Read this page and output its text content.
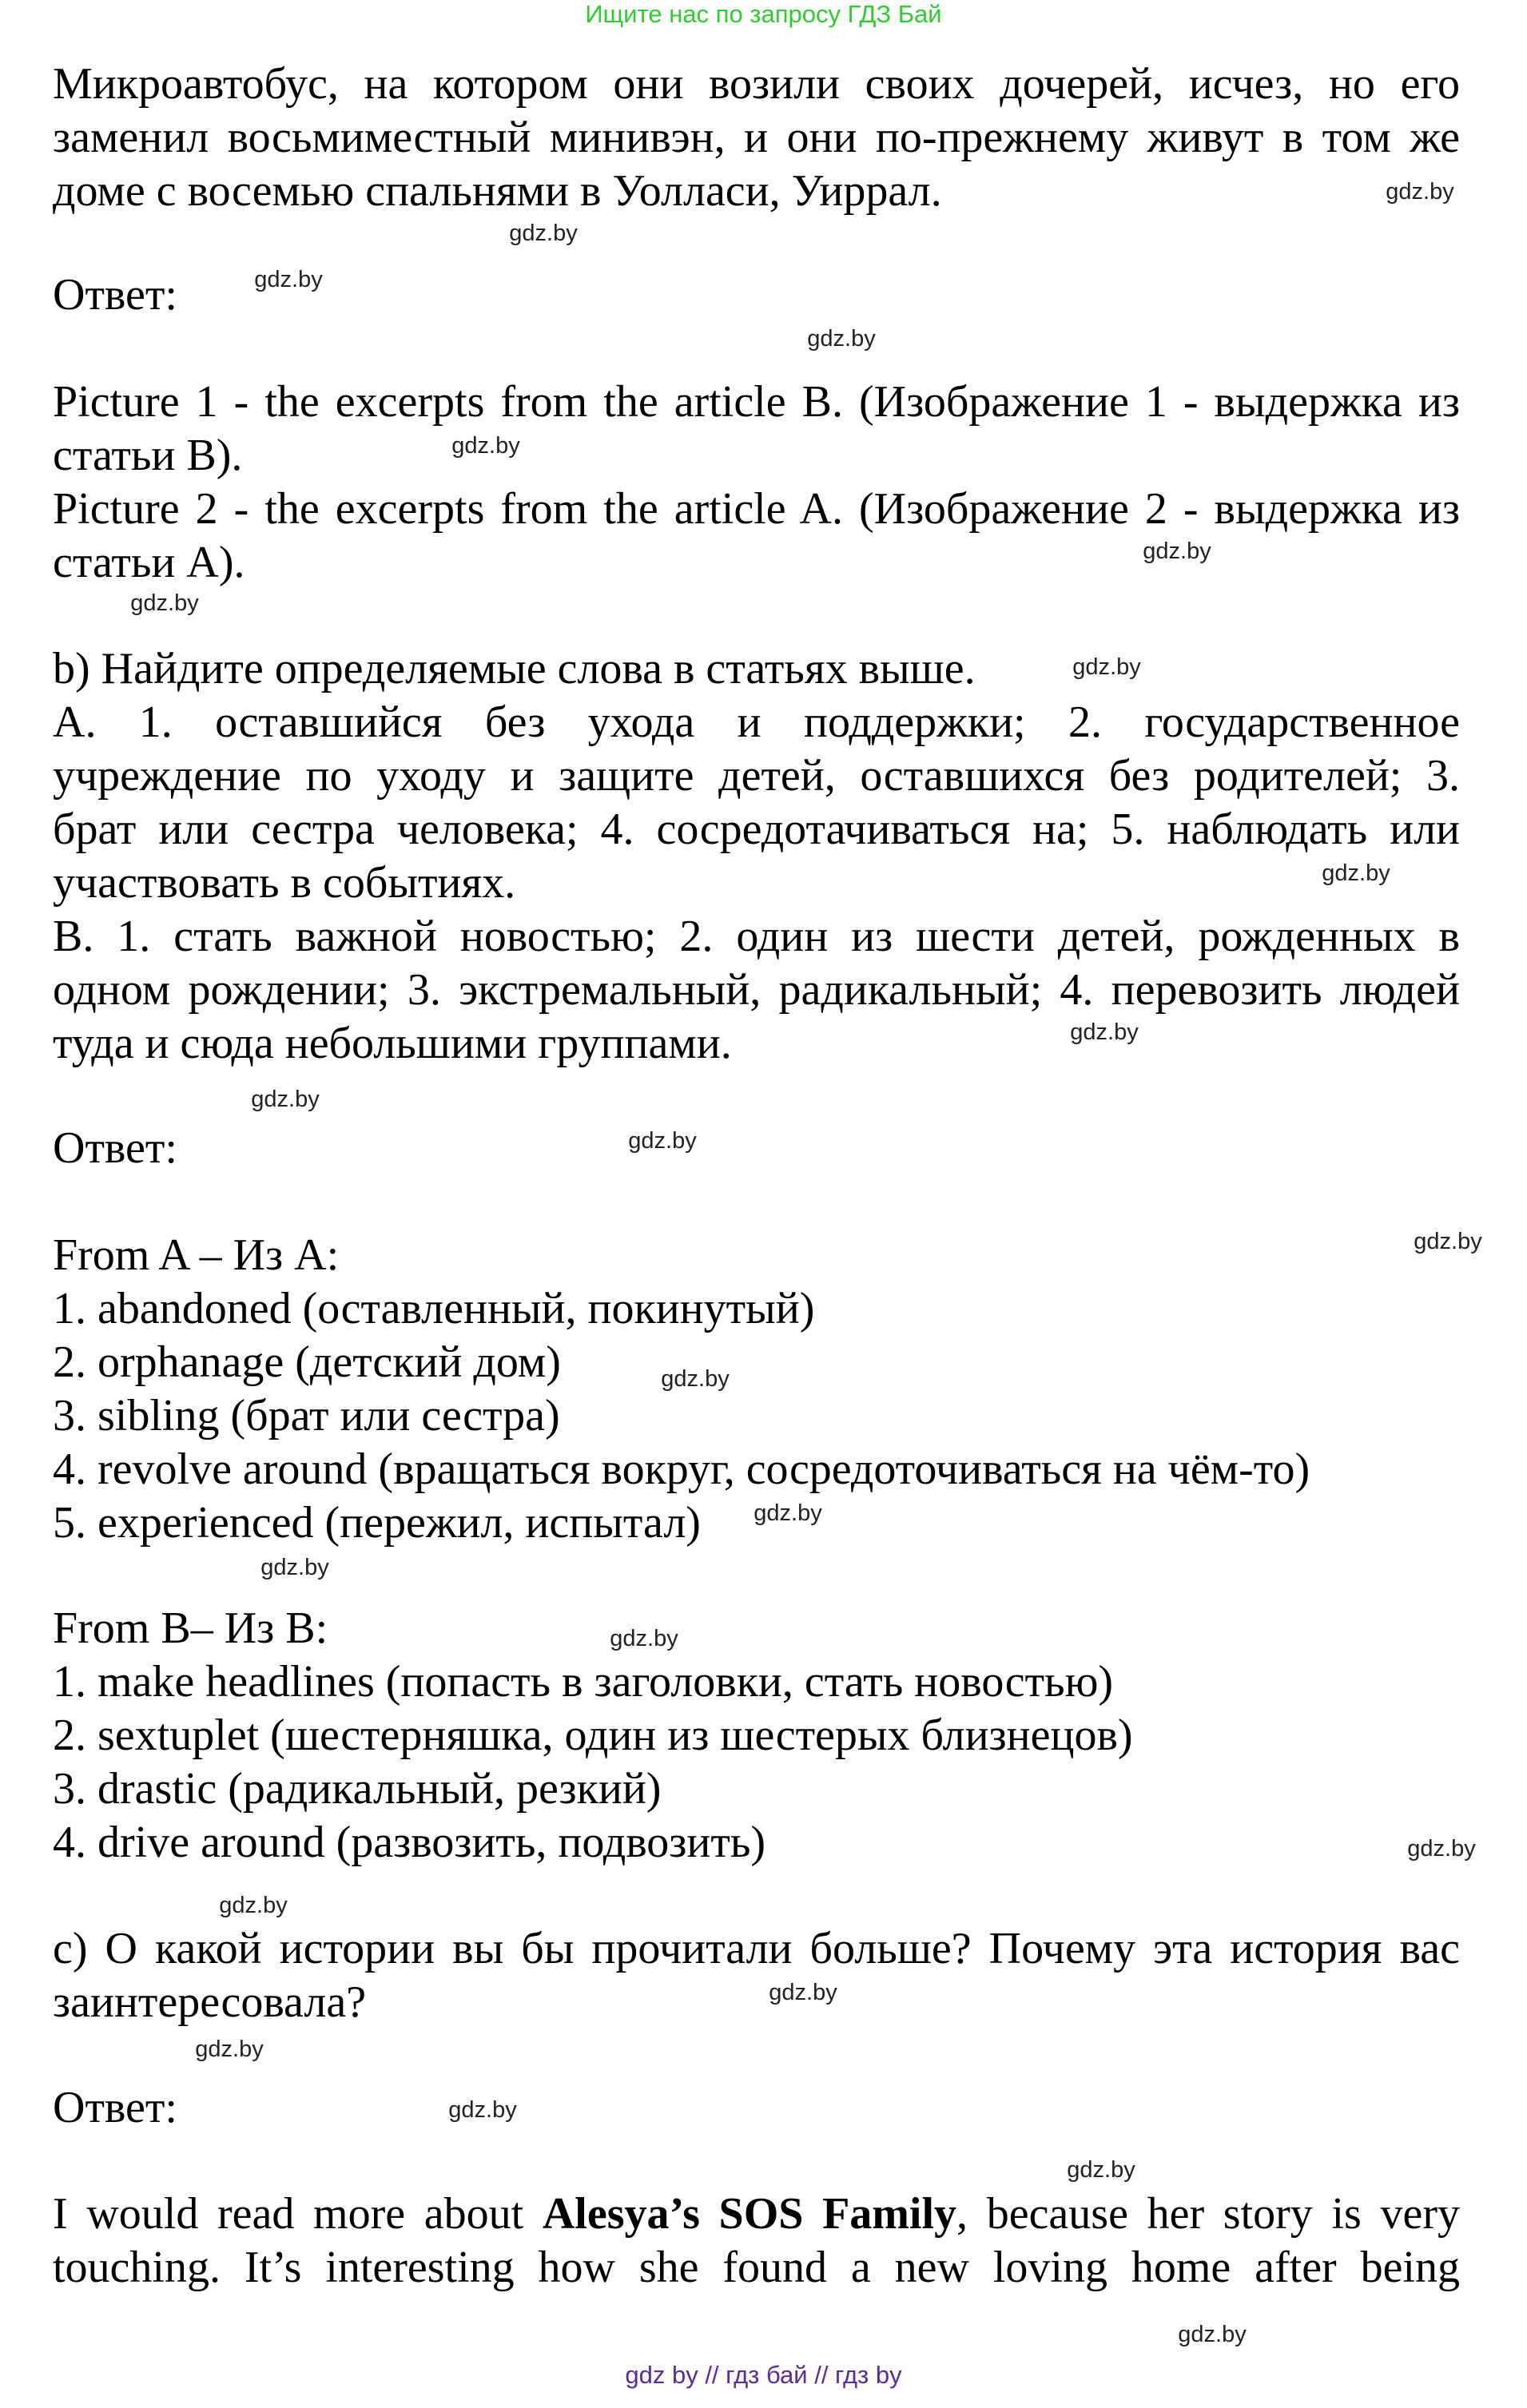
Ищите нас по запросу ГДЗ Бай
Микроавтобус, на котором они возили своих дочерей, исчез, но его
заменил восьмиместный минивэн, и они по-прежнему живут в том же
доме с восемью спальнями в Уолласи, Уиррал.
Ответ:
Picture 1 - the excerpts from the article B. (Изображение 1 - выдержка из
статьи B).
Picture 2 - the excerpts from the article A. (Изображение 2 - выдержка из
статьи A).
b) Найдите определяемые слова в статьях выше.
A. 1. оставшийся без ухода и поддержки; 2. государственное
учреждение по уходу и защите детей, оставшихся без родителей; 3.
брат или сестра человека; 4. сосредотачиваться на; 5. наблюдать или
участвовать в событиях.
B. 1. стать важной новостью; 2. один из шести детей, рожденных в
одном рождении; 3. экстремальный, радикальный; 4. перевозить людей
туда и сюда небольшими группами.
Ответ:
From A – Из A:
1. abandoned (оставленный, покинутый)
2. orphanage (детский дом)
3. sibling (брат или сестра)
4. revolve around (вращаться вокруг, сосредоточиваться на чём-то)
5. experienced (пережил, испытал)
From B– Из B:
1. make headlines (попасть в заголовки, стать новостью)
2. sextuplet (шестерняшка, один из шестерых близнецов)
3. drastic (радикальный, резкий)
4. drive around (развозить, подвозить)
c) О какой истории вы бы прочитали больше? Почему эта история вас
заинтересовала?
Ответ:
I would read more about Alesya’s SOS Family, because her story is very
touching. It’s interesting how she found a new loving home after being
gdz by // гдз бай // гдз by
gdz.by
gdz.by
gdz.by
gdz.by
gdz.by
gdz.by
gdz.by
gdz.by
gdz.by
gdz.by
gdz.by
gdz.by
gdz.by
gdz.by
gdz.by
gdz.by
gdz.by
gdz.by
gdz.by
gdz.by
gdz.by
gdz.by
gdz.by
gdz.by
